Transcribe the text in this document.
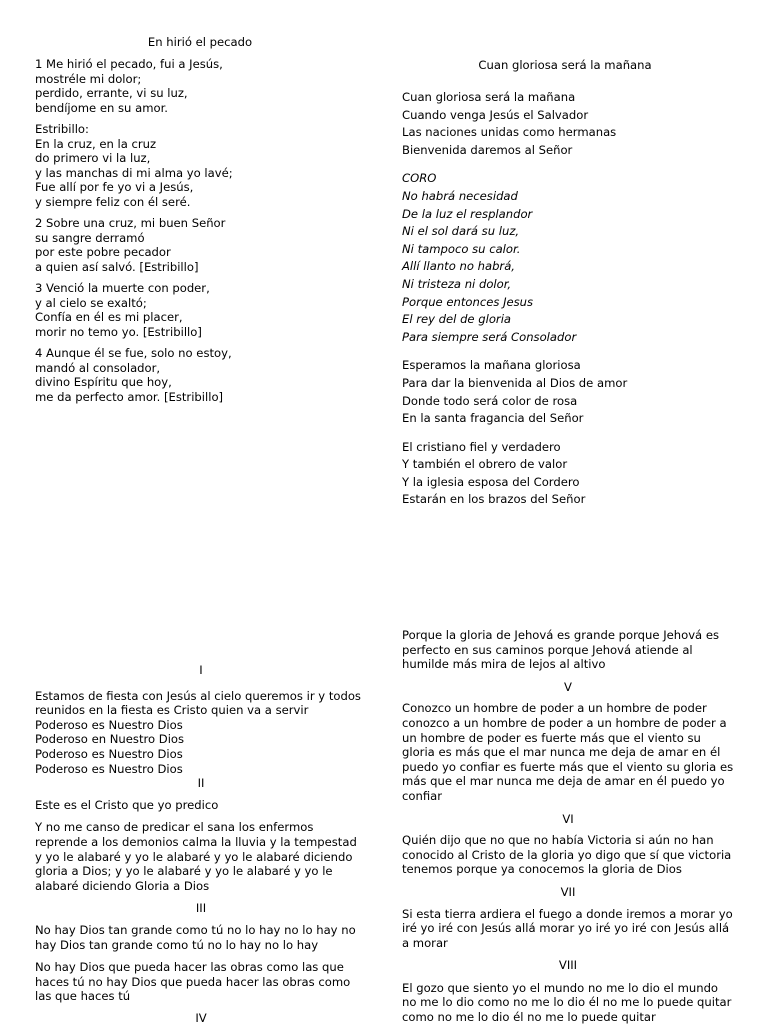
En hirió el pecado

1 Me hirió el pecado, fui a Jesús,
mostréle mi dolor;
perdido, errante, vi su luz,
bendíjome en su amor.

Estribillo:
En la cruz, en la cruz
do primero vi la luz,
y las manchas di mi alma yo lavé;
Fue allí por fe yo vi a Jesús,
y siempre feliz con él seré.

2 Sobre una cruz, mi buen Señor
su sangre derramó
por este pobre pecador
a quien así salvó. [Estribillo]

3 Venció la muerte con poder,
y al cielo se exaltó;
Confía en él es mi placer,
morir no temo yo. [Estribillo]

4 Aunque él se fue, solo no estoy,
mandó al consolador,
divino Espíritu que hoy,
me da perfecto amor. [Estribillo]

Cuan gloriosa será la mañana

Cuan gloriosa será la mañana

Cuando venga Jesús el Salvador

Las naciones unidas como hermanas

Bienvenida daremos al Señor

CORO

No habrá necesidad

De la luz el resplandor

Ni el sol dará su luz,

Ni tampoco su calor.

Allí llanto no habrá,

Ni tristeza ni dolor,

Porque entonces Jesus

El rey del de gloria

Para siempre será Consolador

Esperamos la mañana gloriosa

Para dar la bienvenida al Dios de amor

Donde todo será color de rosa

En la santa fragancia del Señor

El cristiano fiel y verdadero

Y también el obrero de valor

Y la iglesia esposa del Cordero

Estarán en los brazos del Señor

I

Estamos de fiesta con Jesús al cielo queremos ir y todos reunidos en la fiesta es Cristo quien va a servir

Poderoso es Nuestro Dios

Poderoso en Nuestro Dios

Poderoso es Nuestro Dios

Poderoso es Nuestro Dios

II

Este es el Cristo que yo predico

Y no me canso de predicar el sana los enfermos reprende a los demonios calma la lluvia y la tempestad y yo le alabaré y yo le alabaré y yo le alabaré diciendo gloria a Dios; y yo le alabaré y yo le alabaré y yo le alabaré diciendo Gloria a Dios

III

No hay Dios tan grande como tú no lo hay no lo hay no hay Dios tan grande como tú no lo hay no lo hay

No hay Dios que pueda hacer las obras como las que haces tú no hay Dios que pueda hacer las obras como las que haces tú

IV

Porque la gloria de Jehová es grande porque Jehová es perfecto en sus caminos porque Jehová atiende al humilde más mira de lejos al altivo

V

Conozco un hombre de poder a un hombre de poder conozco a un hombre de poder a un hombre de poder a un hombre de poder es fuerte más que el viento su gloria es más que el mar nunca me deja de amar en él puedo yo confiar es fuerte más que el viento su gloria es más que el mar nunca me deja de amar en él puedo yo confiar

VI

Quién dijo que no que no había Victoria si aún no han conocido al Cristo de la gloria yo digo que sí que victoria tenemos porque ya conocemos la gloria de Dios

VII

Si esta tierra ardiera el fuego a donde iremos a morar yo iré yo iré con Jesús allá morar yo iré yo iré con Jesús allá a morar

VIII

El gozo que siento yo el mundo no me lo dio el mundo no me lo dio como no me lo dio él no me lo puede quitar como no me lo dio él no me lo puede quitar
